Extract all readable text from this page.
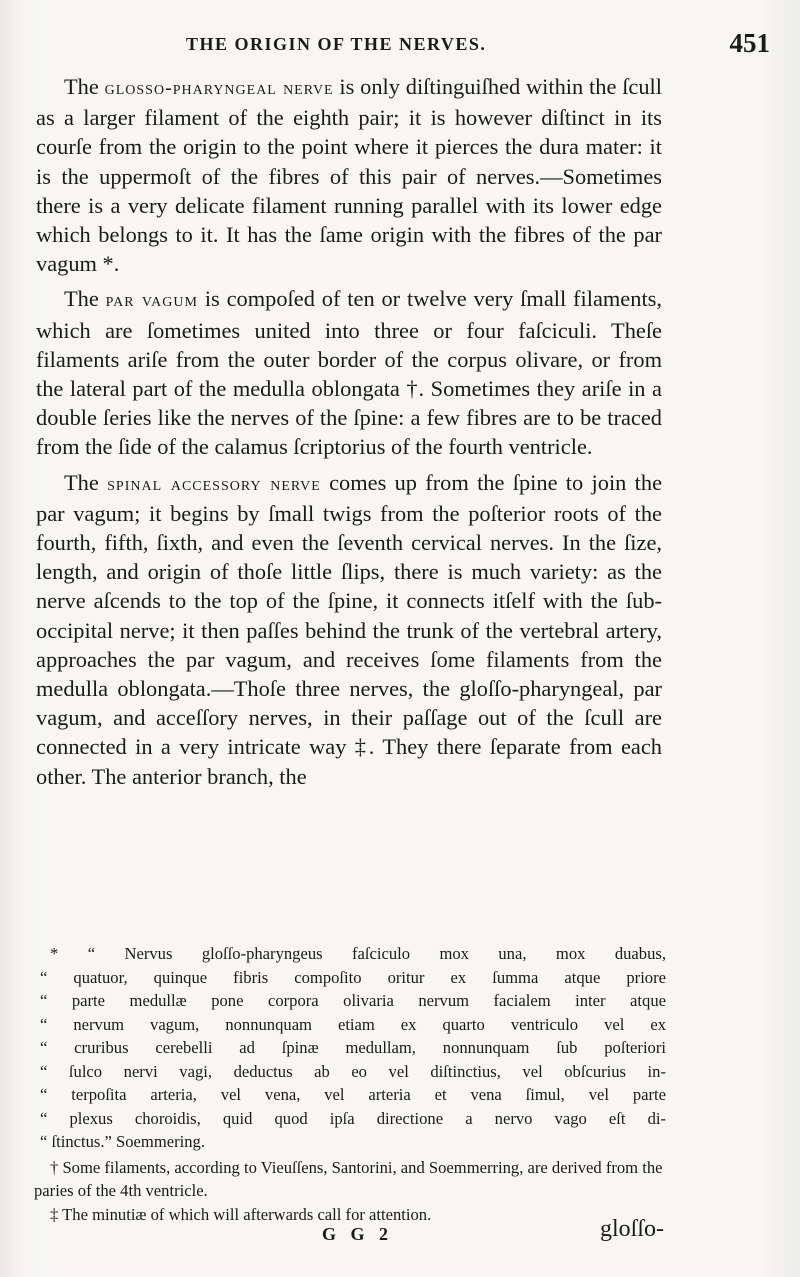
THE ORIGIN OF THE NERVES.	451

The glosso-pharyngeal nerve is only diſtinguiſhed within the ſcull as a larger filament of the eighth pair; it is however diſtinct in its courſe from the origin to the point where it pierces the dura mater: it is the uppermoſt of the fibres of this pair of nerves.—Sometimes there is a very delicate filament running parallel with its lower edge which belongs to it. It has the ſame origin with the fibres of the par vagum *.

The par vagum is compoſed of ten or twelve very ſmall filaments, which are ſometimes united into three or four faſciculi. Theſe filaments ariſe from the outer border of the corpus olivare, or from the lateral part of the medulla oblongata †. Sometimes they ariſe in a double ſeries like the nerves of the ſpine: a few fibres are to be traced from the ſide of the calamus ſcriptorius of the fourth ventricle.

The spinal accessory nerve comes up from the ſpine to join the par vagum; it begins by ſmall twigs from the poſterior roots of the fourth, fifth, ſixth, and even the ſeventh cervical nerves. In the ſize, length, and origin of thoſe little ſlips, there is much variety: as the nerve aſcends to the top of the ſpine, it connects itſelf with the ſub-occipital nerve; it then paſſes behind the trunk of the vertebral artery, approaches the par vagum, and receives ſome filaments from the medulla oblongata.—Thoſe three nerves, the gloſſo-pharyngeal, par vagum, and acceſſory nerves, in their paſſage out of the ſcull are connected in a very intricate way ‡. They there ſeparate from each other. The anterior branch, the

* “ Nervus gloſſo-pharyngeus faſciculo mox una, mox duabus,
“ quatuor, quinque fibris compoſito oritur ex ſumma atque priore
“ parte medullæ pone corpora olivaria nervum facialem inter atque
“ nervum vagum, nonnunquam etiam ex quarto ventriculo vel ex
“ cruribus cerebelli ad ſpinæ medullam, nonnunquam ſub poſteriori
“ ſulco nervi vagi, deductus ab eo vel diſtinctius, vel obſcurius in-
“ terpoſita arteria, vel vena, vel arteria et vena ſimul, vel parte
“ plexus choroidis, quid quod ipſa directione a nervo vago eſt di-
“ ſtinctus.” Soemmering.
† Some filaments, according to Vieuſſens, Santorini, and Soemmerring, are derived from the paries of the 4th ventricle.
‡ The minutiæ of which will afterwards call for attention.
G G 2	gloſſo-
